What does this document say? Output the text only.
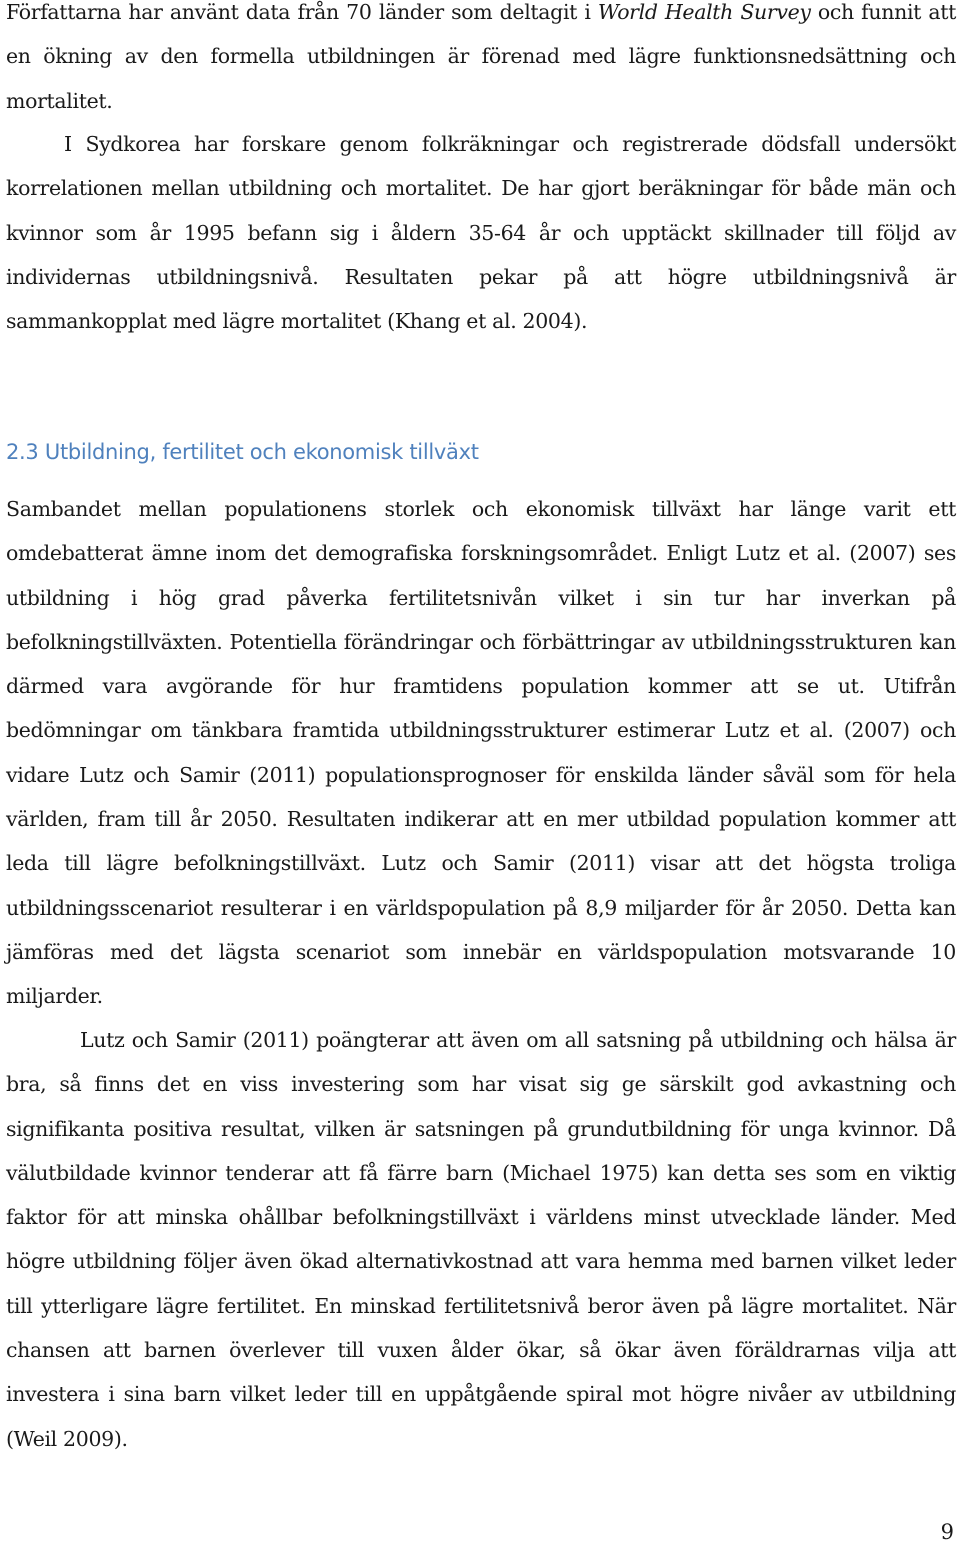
Författarna har använt data från 70 länder som deltagit i World Health Survey och funnit att en ökning av den formella utbildningen är förenad med lägre funktionsnedsättning och mortalitet.

I Sydkorea har forskare genom folkräkningar och registrerade dödsfall undersökt korrelationen mellan utbildning och mortalitet. De har gjort beräkningar för både män och kvinnor som år 1995 befann sig i åldern 35-64 år och upptäckt skillnader till följd av individernas utbildningsnivå. Resultaten pekar på att högre utbildningsnivå är sammankopplat med lägre mortalitet (Khang et al. 2004).

2.3 Utbildning, fertilitet och ekonomisk tillväxt

Sambandet mellan populationens storlek och ekonomisk tillväxt har länge varit ett omdebatterat ämne inom det demografiska forskningsområdet. Enligt Lutz et al. (2007) ses utbildning i hög grad påverka fertilitetsnivån vilket i sin tur har inverkan på befolkningstillväxten. Potentiella förändringar och förbättringar av utbildningsstrukturen kan därmed vara avgörande för hur framtidens population kommer att se ut. Utifrån bedömningar om tänkbara framtida utbildningsstrukturer estimerar Lutz et al. (2007) och vidare Lutz och Samir (2011) populationsprognoser för enskilda länder såväl som för hela världen, fram till år 2050. Resultaten indikerar att en mer utbildad population kommer att leda till lägre befolkningstillväxt. Lutz och Samir (2011) visar att det högsta troliga utbildningsscenariot resulterar i en världspopulation på 8,9 miljarder för år 2050. Detta kan jämföras med det lägsta scenariot som innebär en världspopulation motsvarande 10 miljarder.

Lutz och Samir (2011) poängterar att även om all satsning på utbildning och hälsa är bra, så finns det en viss investering som har visat sig ge särskilt god avkastning och signifikanta positiva resultat, vilken är satsningen på grundutbildning för unga kvinnor. Då välutbildade kvinnor tenderar att få färre barn (Michael 1975) kan detta ses som en viktig faktor för att minska ohållbar befolkningstillväxt i världens minst utvecklade länder. Med högre utbildning följer även ökad alternativkostnad att vara hemma med barnen vilket leder till ytterligare lägre fertilitet. En minskad fertilitetsnivå beror även på lägre mortalitet. När chansen att barnen överlever till vuxen ålder ökar, så ökar även föräldrarnas vilja att investera i sina barn vilket leder till en uppåtgående spiral mot högre nivåer av utbildning (Weil 2009).

9
